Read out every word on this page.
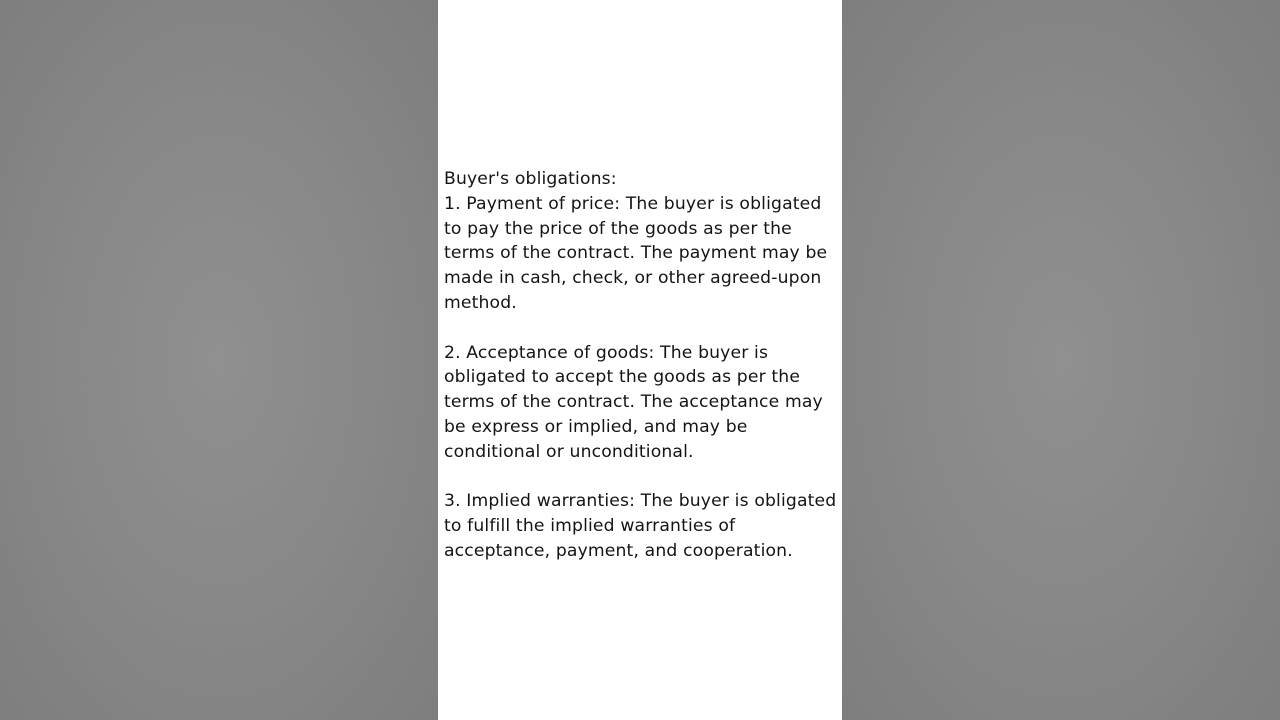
Buyer's obligations:

1. Payment of price: The buyer is obligated to pay the price of the goods as per the terms of the contract. The payment may be made in cash, check, or other agreed-upon method.

2. Acceptance of goods: The buyer is obligated to accept the goods as per the terms of the contract. The acceptance may be express or implied, and may be conditional or unconditional.

3. Implied warranties: The buyer is obligated to fulfill the implied warranties of acceptance, payment, and cooperation.
